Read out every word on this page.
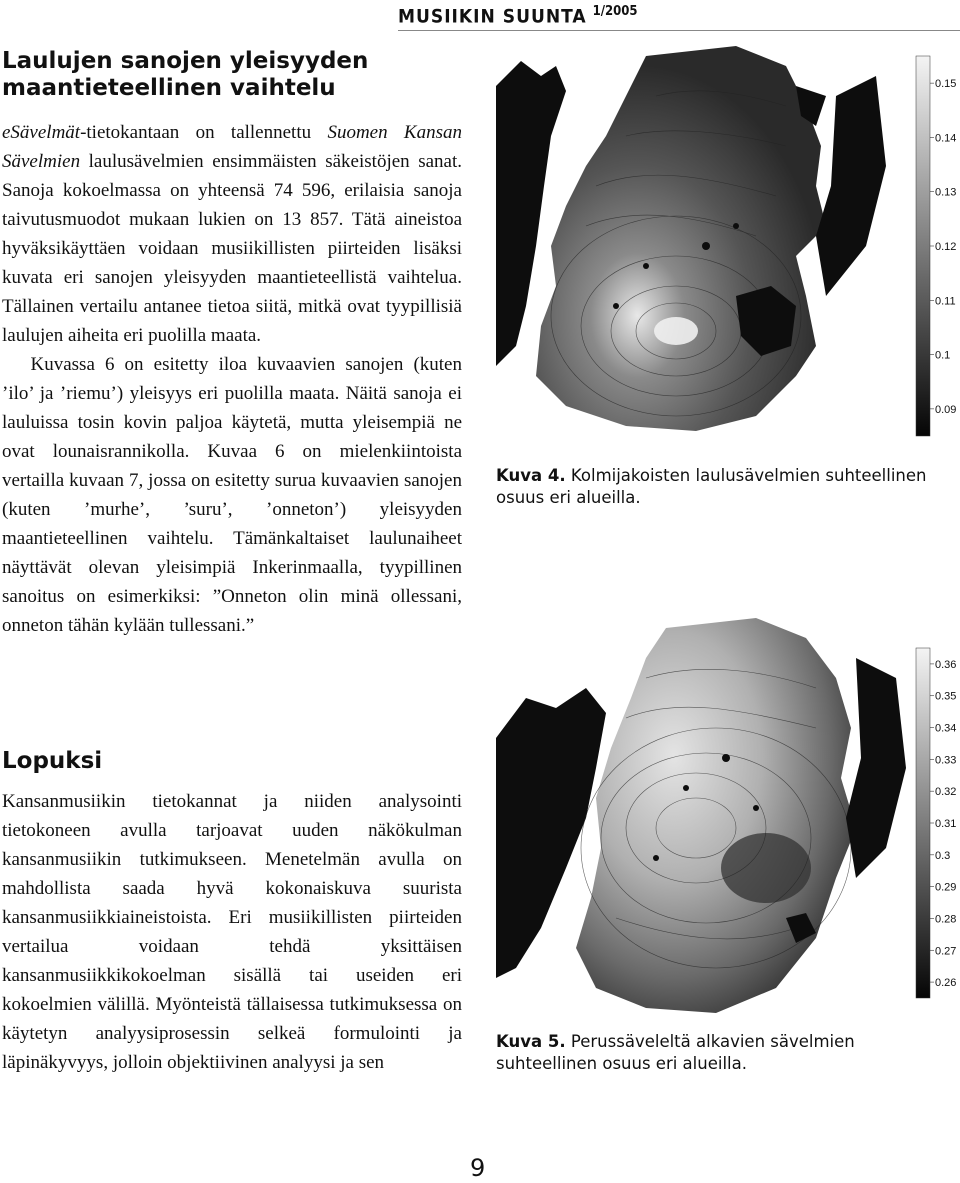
MUSIIKIN SUUNTA $^{1/2005}$
Laulujen sanojen yleisyyden
maantieteellinen vaihtelu

eSävelmät-tietokantaan on tallennettu Suomen Kansan Sävelmien laulusävelmien ensimmäisten säkeistöjen sanat. Sanoja kokoelmassa on yhteensä 74 596, erilaisia sanoja taivutusmuodot mukaan lukien on 13 857. Tätä aineistoa hyväksikäyttäen voidaan musiikillisten piirteiden lisäksi kuvata eri sanojen yleisyyden maantieteellistä vaihtelua. Tällainen vertailu antanee tietoa siitä, mitkä ovat tyypillisiä laulujen aiheita eri puolilla maata.

Kuvassa 6 on esitetty iloa kuvaavien sanojen (kuten ’ilo’ ja ’riemu’) yleisyys eri puolilla maata. Näitä sanoja ei lauluissa tosin kovin paljoa käytetä, mutta yleisempiä ne ovat lounaisrannikolla. Kuvaa 6 on mielenkiintoista vertailla kuvaan 7, jossa on esitetty surua kuvaavien sanojen (kuten ’murhe’, ’suru’, ’onneton’) yleisyyden maantieteellinen vaihtelu. Tämänkaltaiset laulunaiheet näyttävät olevan yleisimpiä Inkerinmaalla, tyypillinen sanoitus on esimerkiksi: ”Onneton olin minä ollessani, onneton tähän kylään tullessani.”

Lopuksi

Kansanmusiikin tietokannat ja niiden analysointi tietokoneen avulla tarjoavat uuden näkökulman kansanmusiikin tutkimukseen. Menetelmän avulla on mahdollista saada hyvä kokonaiskuva suurista kansanmusiikkiaineistoista. Eri musiikillisten piirteiden vertailua voidaan tehdä yksittäisen kansanmusiikkikokoelman sisällä tai useiden eri kokoelmien välillä. Myönteistä tällaisessa tutkimuksessa on käytetyn analyysiprosessin selkeä formulointi ja läpinäkyvyys, jolloin objektiivinen analyysi ja sen

0.15
0.14
0.13
0.12
0.11
0.1
0.09
Kuva 4. Kolmijakoisten laulusävelmien suhteellinen osuus eri alueilla.
0.36
0.35
0.34
0.33
0.32
0.31
0.3
0.29
0.28
0.27
0.26
Kuva 5. Perussäveleltä alkavien sävelmien suhteellinen osuus eri alueilla.
9
